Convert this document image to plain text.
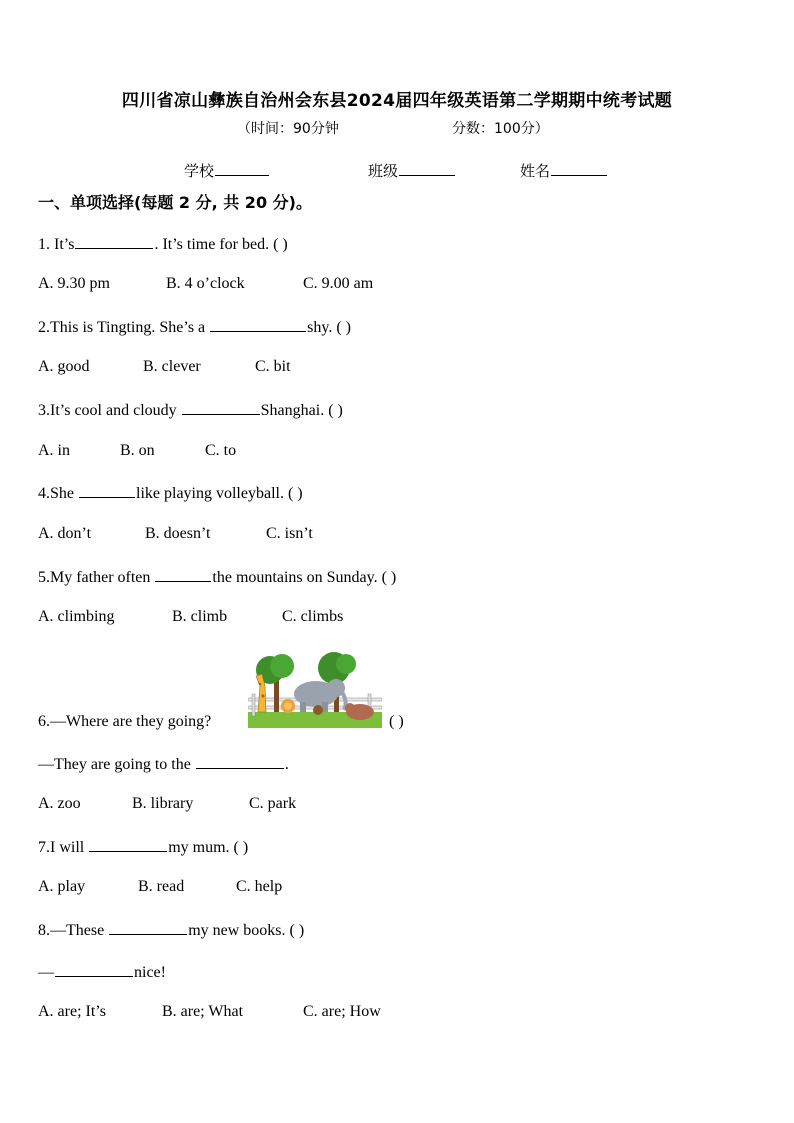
四川省凉山彝族自治州会东县2024届四年级英语第二学期期中统考试题
（时间：90分钟	分数：100分）
学校	班级	姓名
一、单项选择(每题 2 分, 共 20 分)。
1. It’s	. It’s time for bed. ( )
A. 9.30 pm	B. 4 o’clock	C. 9.00 am
2.This is Tingting. She’s a	shy. ( )
A. good	B. clever	C. bit
3.It’s cool and cloudy	Shanghai. ( )
A. in	B. on	C. to
4.She	like playing volleyball. ( )
A. don’t	B. doesn’t	C. isn’t
5.My father often	the mountains on Sunday. ( )
A. climbing	B. climb	C. climbs
6.—Where are they going?	( )
—They are going to the	.
A. zoo	B. library	C. park
7.I will	my mum. ( )
A. play	B. read	C. help
8.—These	my new books. ( )
—	nice!
A. are; It’s	B. are; What	C. are; How
